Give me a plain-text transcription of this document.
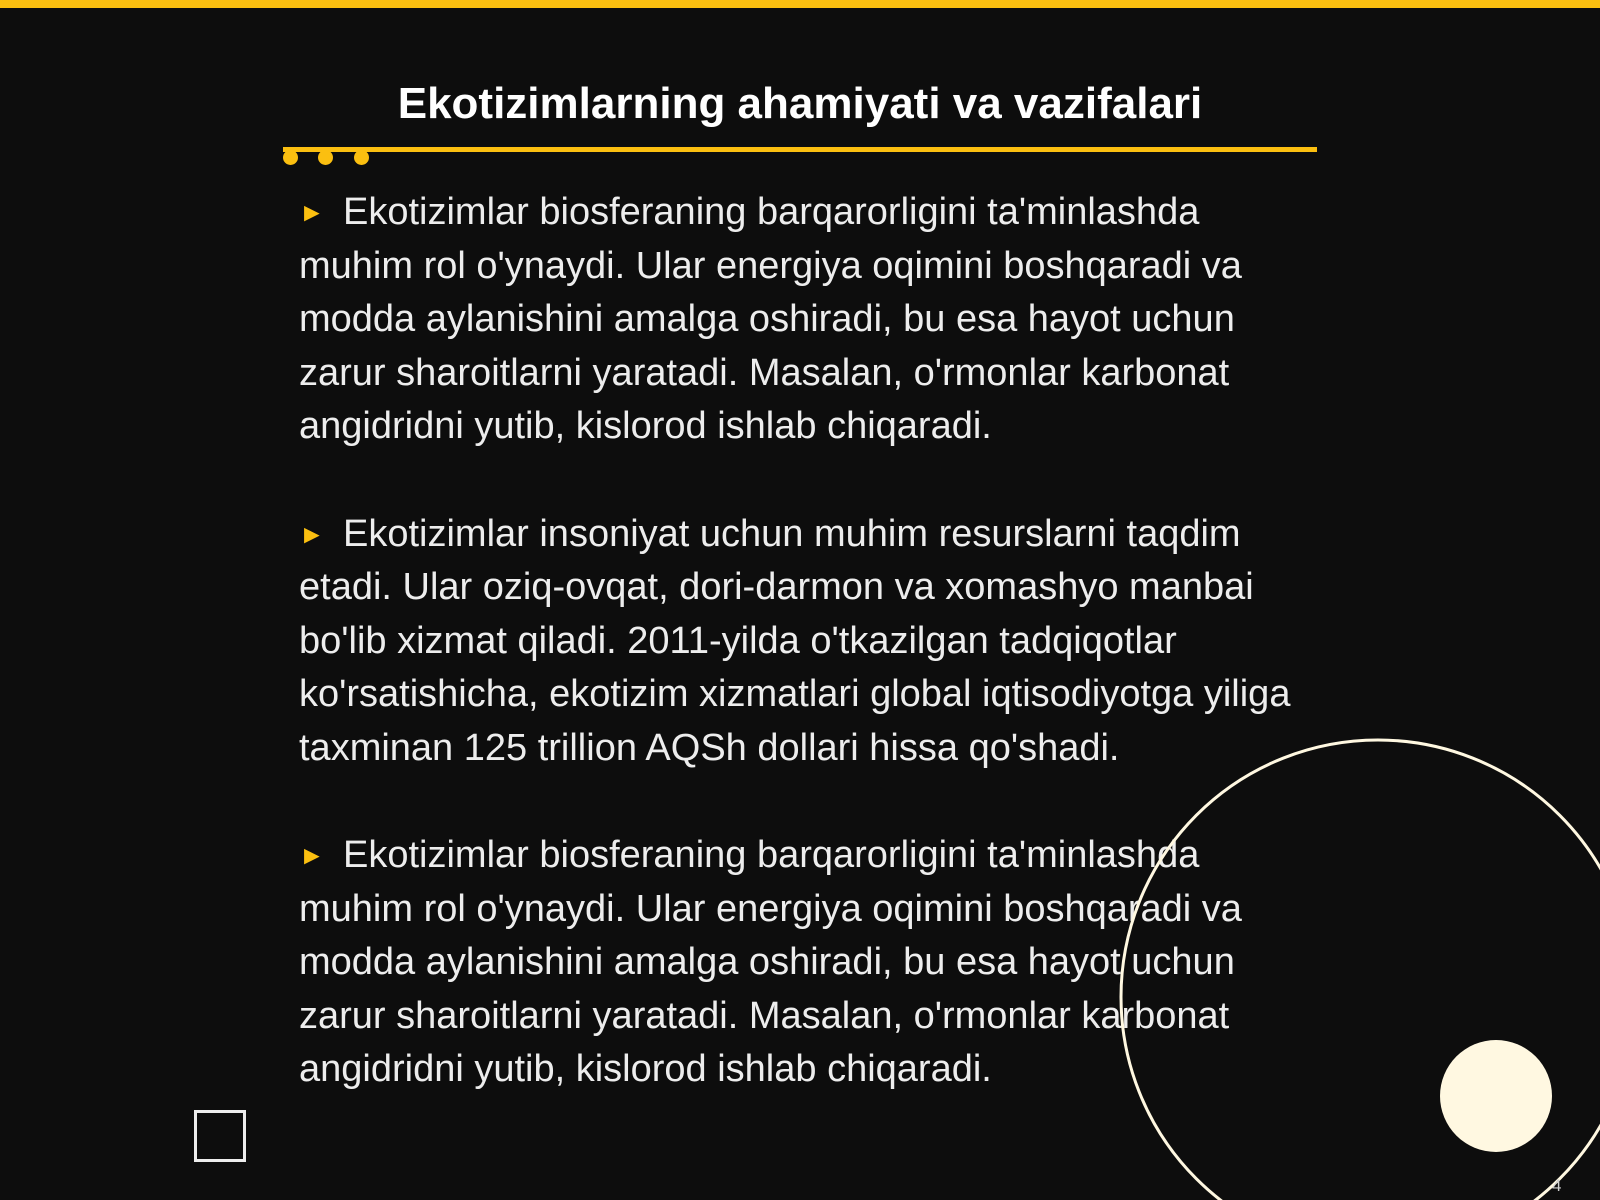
Ekotizimlarning ahamiyati va vazifalari

► Ekotizimlar biosferaning barqarorligini ta'minlashda muhim rol o'ynaydi. Ular energiya oqimini boshqaradi va modda aylanishini amalga oshiradi, bu esa hayot uchun zarur sharoitlarni yaratadi. Masalan, o'rmonlar karbonat angidridni yutib, kislorod ishlab chiqaradi.

► Ekotizimlar insoniyat uchun muhim resurslarni taqdim etadi. Ular oziq-ovqat, dori-darmon va xomashyo manbai bo'lib xizmat qiladi. 2011-yilda o'tkazilgan tadqiqotlar ko'rsatishicha, ekotizim xizmatlari global iqtisodiyotga yiliga taxminan 125 trillion AQSh dollari hissa qo'shadi.

► Ekotizimlar biosferaning barqarorligini ta'minlashda muhim rol o'ynaydi. Ular energiya oqimini boshqaradi va modda aylanishini amalga oshiradi, bu esa hayot uchun zarur sharoitlarni yaratadi. Masalan, o'rmonlar karbonat angidridni yutib, kislorod ishlab chiqaradi.

4
